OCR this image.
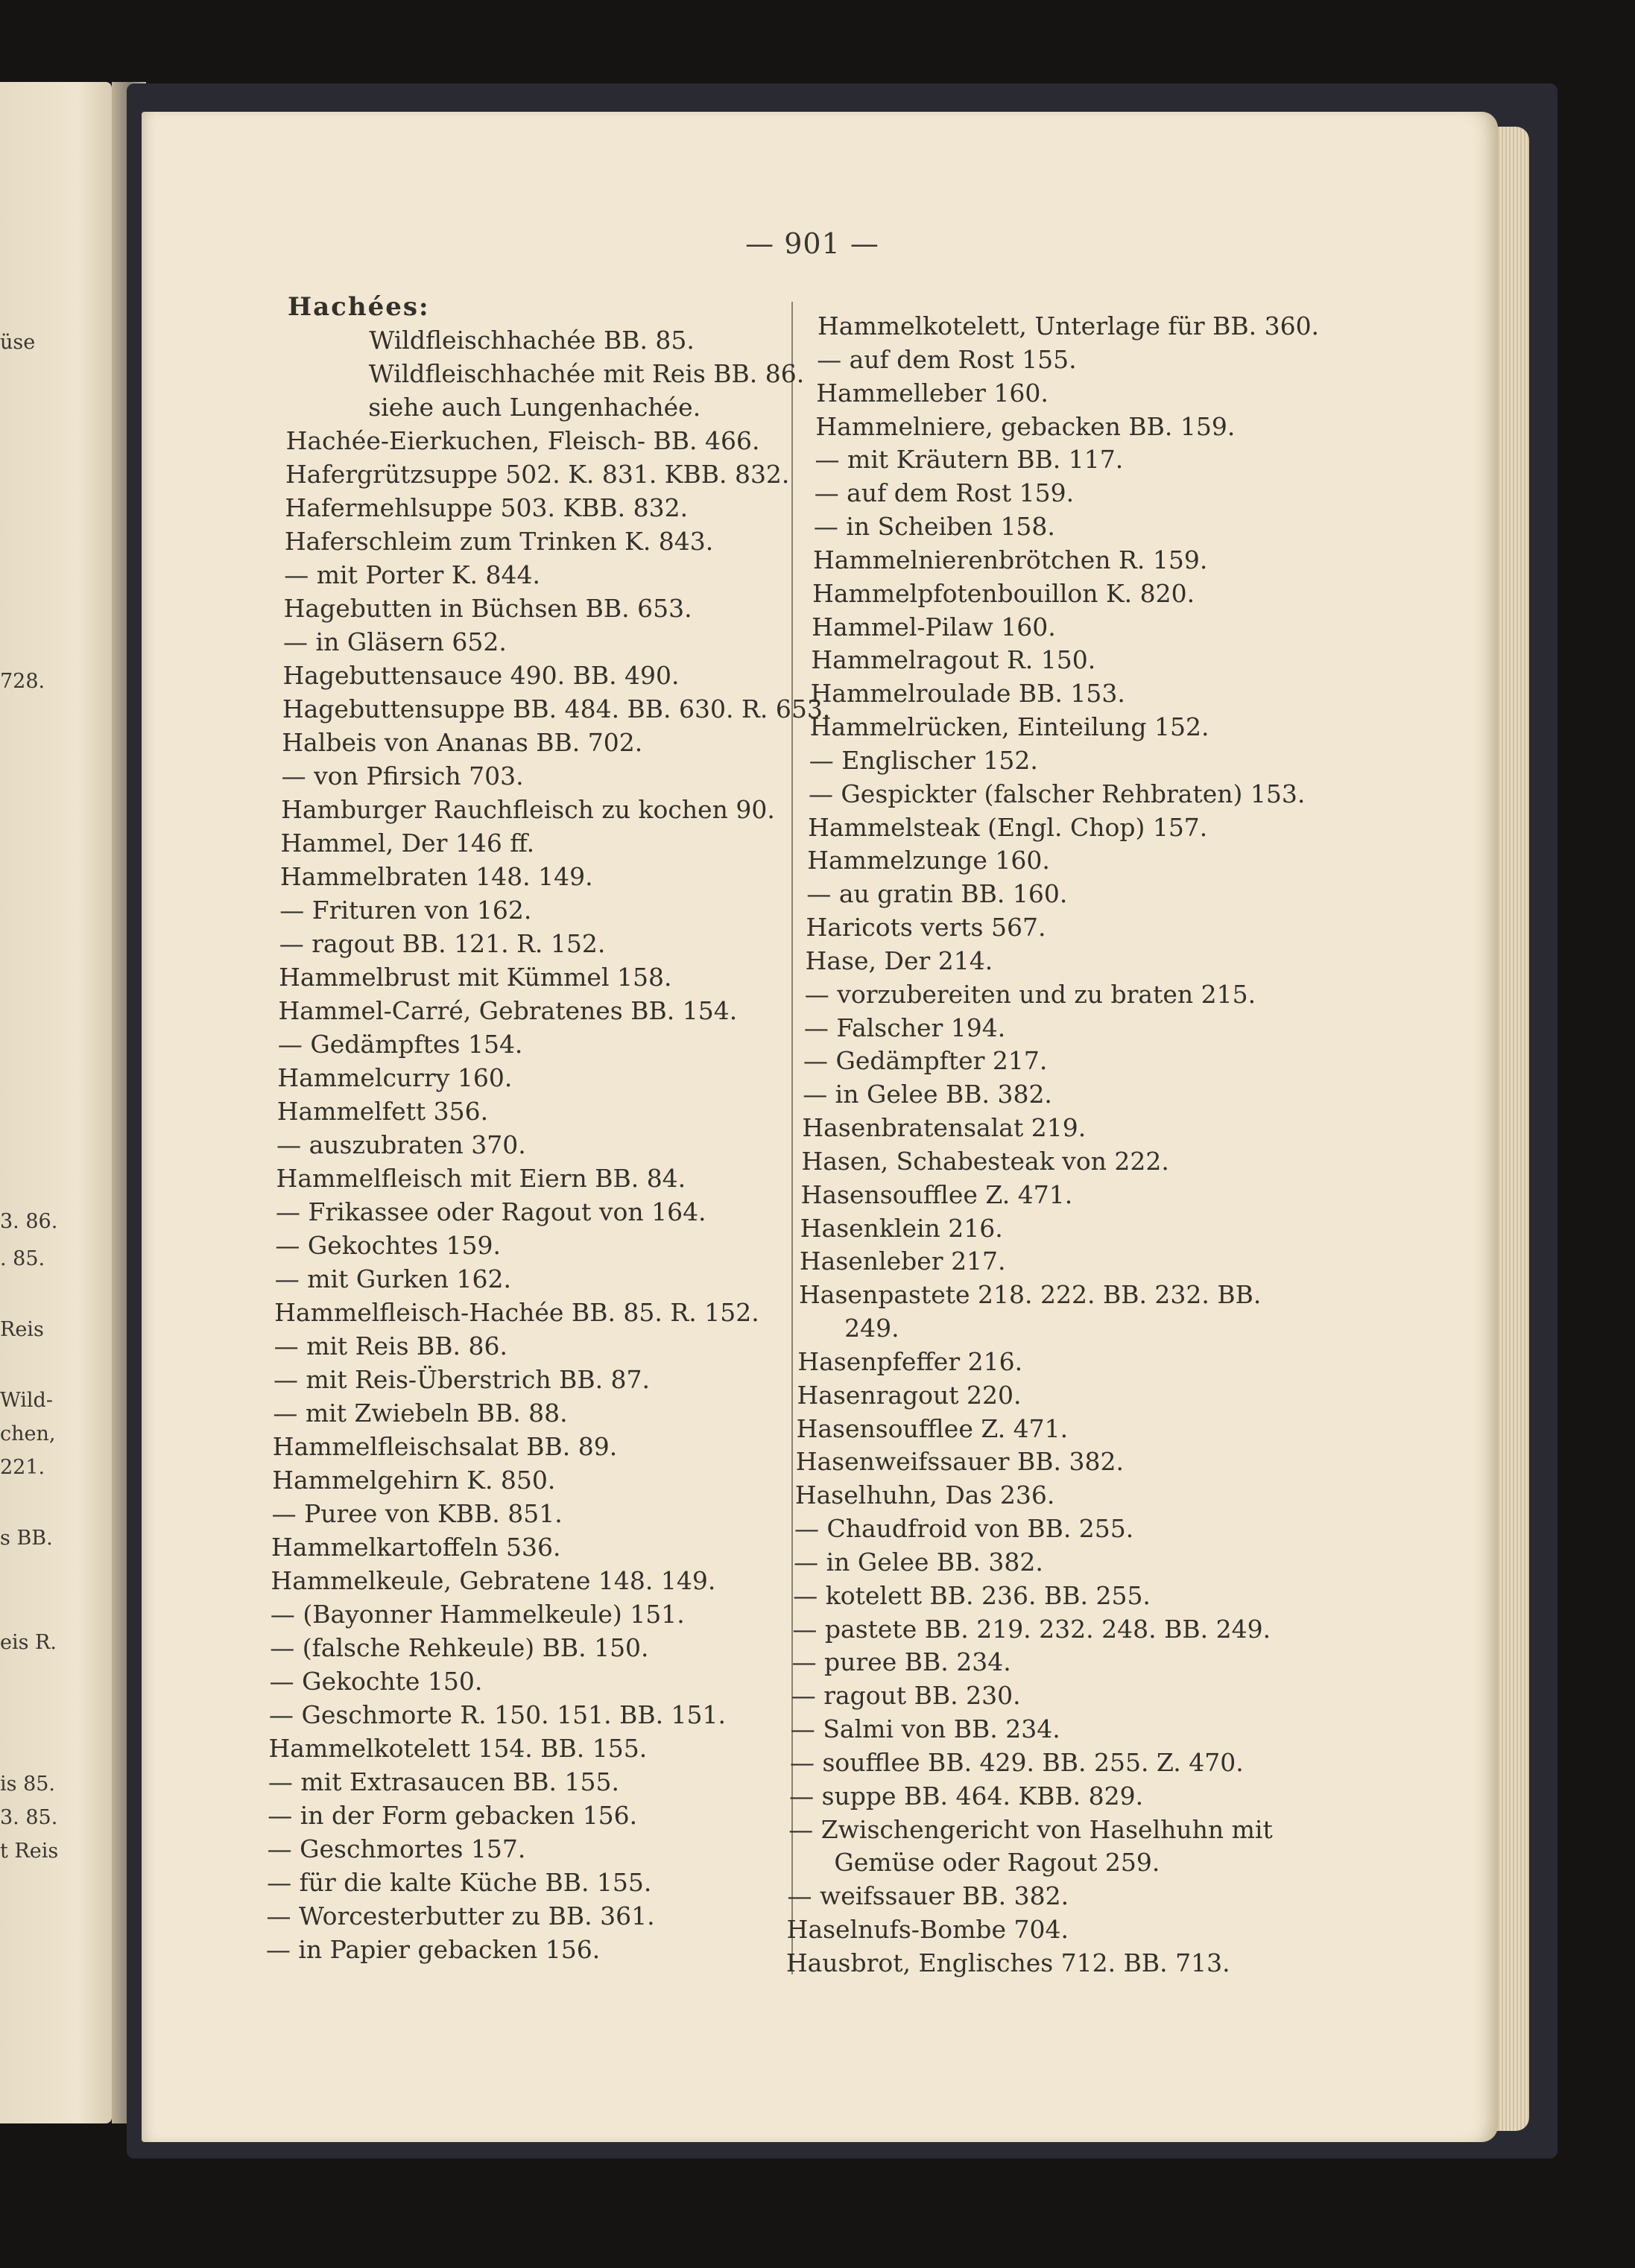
üse
728.
3. 86.
. 85.
Reis
Wild-
chen,
221.
s BB.
eis R.
is 85.
3. 85.
t Reis
— 901 —

Hachées:

Wildfleischhachée BB. 85.

Wildfleischhachée mit Reis BB. 86.

siehe auch Lungenhachée.

Hachée-Eierkuchen, Fleisch- BB. 466.

Hafergrützsuppe 502. K. 831. KBB. 832.

Hafermehlsuppe 503. KBB. 832.

Haferschleim zum Trinken K. 843.

— mit Porter K. 844.

Hagebutten in Büchsen BB. 653.

— in Gläsern 652.

Hagebuttensauce 490. BB. 490.

Hagebuttensuppe BB. 484. BB. 630. R. 653.

Halbeis von Ananas BB. 702.

— von Pfirsich 703.

Hamburger Rauchfleisch zu kochen 90.

Hammel, Der 146 ff.

Hammelbraten 148. 149.

— Frituren von 162.

— ragout BB. 121. R. 152.

Hammelbrust mit Kümmel 158.

Hammel-Carré, Gebratenes BB. 154.

— Gedämpftes 154.

Hammelcurry 160.

Hammelfett 356.

— auszubraten 370.

Hammelfleisch mit Eiern BB. 84.

— Frikassee oder Ragout von 164.

— Gekochtes 159.

— mit Gurken 162.

Hammelfleisch-Hachée BB. 85. R. 152.

— mit Reis BB. 86.

— mit Reis-Überstrich BB. 87.

— mit Zwiebeln BB. 88.

Hammelfleischsalat BB. 89.

Hammelgehirn K. 850.

— Puree von KBB. 851.

Hammelkartoffeln 536.

Hammelkeule, Gebratene 148. 149.

— (Bayonner Hammelkeule) 151.

— (falsche Rehkeule) BB. 150.

— Gekochte 150.

— Geschmorte R. 150. 151. BB. 151.

Hammelkotelett 154. BB. 155.

— mit Extrasaucen BB. 155.

— in der Form gebacken 156.

— Geschmortes 157.

— für die kalte Küche BB. 155.

— Worcesterbutter zu BB. 361.

— in Papier gebacken 156.

Hammelkotelett, Unterlage für BB. 360.

— auf dem Rost 155.

Hammelleber 160.

Hammelniere, gebacken BB. 159.

— mit Kräutern BB. 117.

— auf dem Rost 159.

— in Scheiben 158.

Hammelnierenbrötchen R. 159.

Hammelpfotenbouillon K. 820.

Hammel-Pilaw 160.

Hammelragout R. 150.

Hammelroulade BB. 153.

Hammelrücken, Einteilung 152.

— Englischer 152.

— Gespickter (falscher Rehbraten) 153.

Hammelsteak (Engl. Chop) 157.

Hammelzunge 160.

— au gratin BB. 160.

Haricots verts 567.

Hase, Der 214.

— vorzubereiten und zu braten 215.

— Falscher 194.

— Gedämpfter 217.

— in Gelee BB. 382.

Hasenbratensalat 219.

Hasen, Schabesteak von 222.

Hasensoufflee Z. 471.

Hasenklein 216.

Hasenleber 217.

Hasenpastete 218. 222. BB. 232. BB.

249.

Hasenpfeffer 216.

Hasenragout 220.

Hasensoufflee Z. 471.

Hasenweifssauer BB. 382.

Haselhuhn, Das 236.

— Chaudfroid von BB. 255.

— in Gelee BB. 382.

— kotelett BB. 236. BB. 255.

— pastete BB. 219. 232. 248. BB. 249.

— puree BB. 234.

— ragout BB. 230.

— Salmi von BB. 234.

— soufflee BB. 429. BB. 255. Z. 470.

— suppe BB. 464. KBB. 829.

— Zwischengericht von Haselhuhn mit

Gemüse oder Ragout 259.

— weifssauer BB. 382.

Haselnufs-Bombe 704.

Hausbrot, Englisches 712. BB. 713.
